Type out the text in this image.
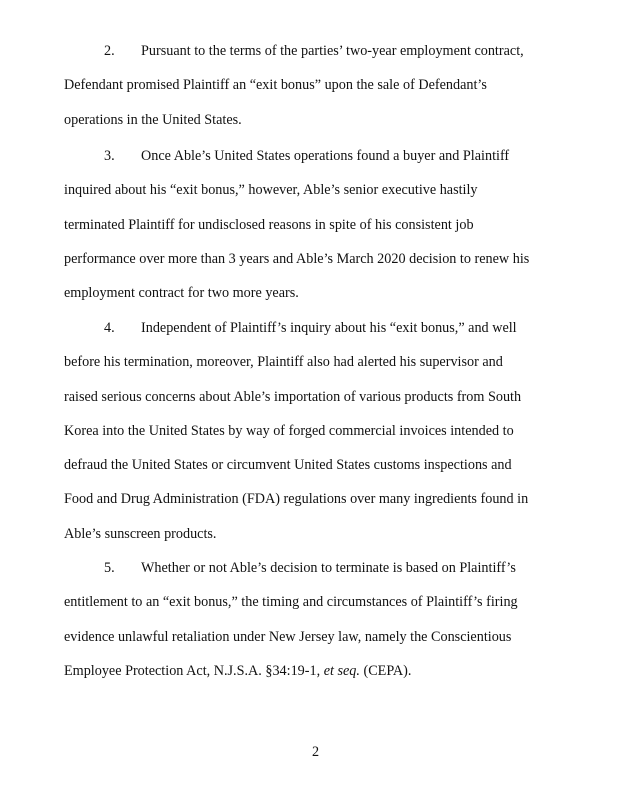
2. Pursuant to the terms of the parties’ two-year employment contract,
Defendant promised Plaintiff an “exit bonus” upon the sale of Defendant’s
operations in the United States.
3. Once Able’s United States operations found a buyer and Plaintiff
inquired about his “exit bonus,” however, Able’s senior executive hastily
terminated Plaintiff for undisclosed reasons in spite of his consistent job
performance over more than 3 years and Able’s March 2020 decision to renew his
employment contract for two more years.
4. Independent of Plaintiff’s inquiry about his “exit bonus,” and well
before his termination, moreover, Plaintiff also had alerted his supervisor and
raised serious concerns about Able’s importation of various products from South
Korea into the United States by way of forged commercial invoices intended to
defraud the United States or circumvent United States customs inspections and
Food and Drug Administration (FDA) regulations over many ingredients found in
Able’s sunscreen products.
5. Whether or not Able’s decision to terminate is based on Plaintiff’s
entitlement to an “exit bonus,” the timing and circumstances of Plaintiff’s firing
evidence unlawful retaliation under New Jersey law, namely the Conscientious
Employee Protection Act, N.J.S.A. §34:19-1, et seq. (CEPA).
2
